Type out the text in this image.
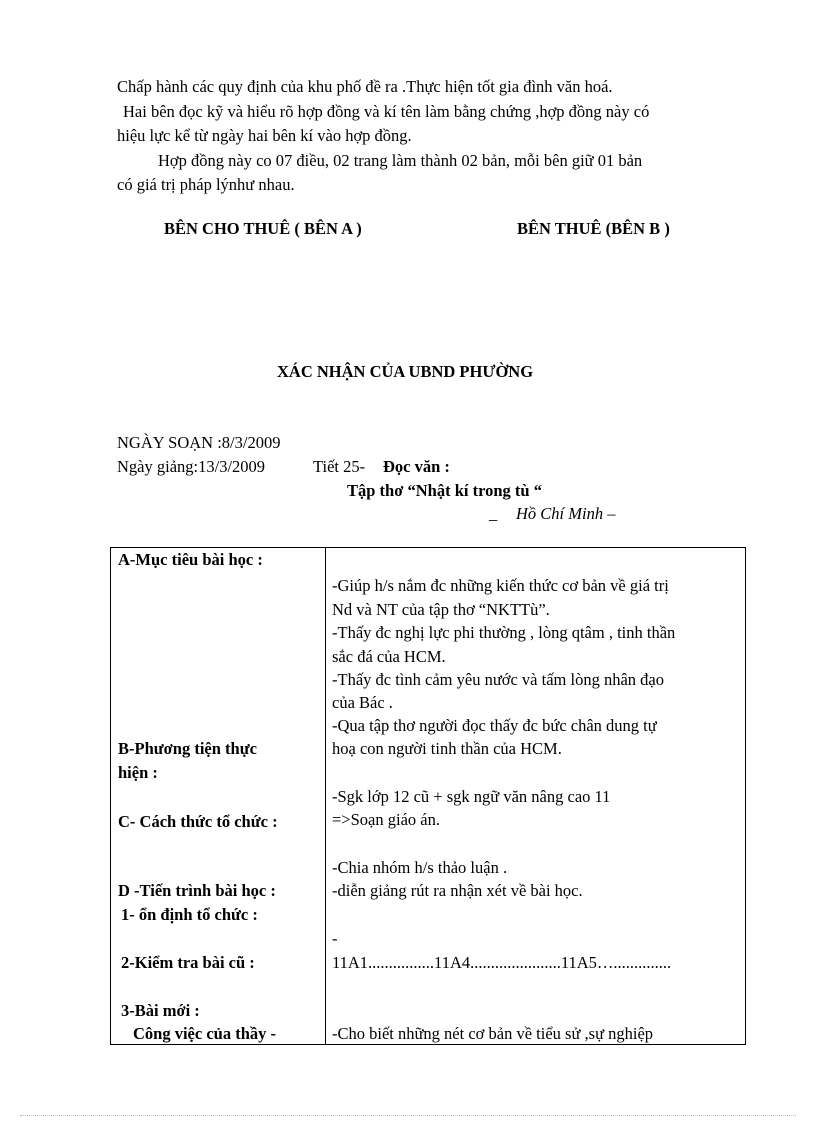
Chấp hành các quy định của khu phố đề ra .Thực hiện tốt gia đình văn hoá.
Hai bên đọc kỹ và hiểu rõ hợp đồng và kí tên làm bằng chứng ,hợp đồng này có
hiệu lực kể từ ngày hai bên kí vào hợp đồng.
Hợp đồng này co 07 điều, 02 trang làm thành 02 bản, mỗi bên giữ 01 bản
có giá trị pháp lýnhư nhau.
BÊN CHO THUÊ ( BÊN A )	BÊN THUÊ (BÊN B )
XÁC NHẬN CỦA UBND PHƯỜNG
NGÀY SOẠN :8/3/2009
Ngày giảng:13/3/2009	Tiết 25- Đọc văn :
Tập thơ “Nhật kí trong tù “
_ Hồ Chí Minh –
A-Mục tiêu bài học :
B-Phương tiện thực
hiện :
C- Cách thức tổ chức :
D -Tiến trình bài học :
1- ổn định tổ chức :
2-Kiểm tra bài cũ :
3-Bài mới :
Công việc của thầy -
-Giúp h/s nắm đc những kiến thức cơ bản về giá trị
Nd và NT của tập thơ “NKTTù”.
-Thấy đc nghị lực phi thường , lòng qtâm , tinh thần
sắc đá của HCM.
-Thấy đc tình cảm yêu nước và tấm lòng nhân đạo
của Bác .
-Qua tập thơ người đọc thấy đc bức chân dung tự
hoạ con người tinh thần của HCM.
-Sgk lớp 12 cũ + sgk ngữ văn nâng cao 11
=>Soạn giáo án.
-Chia nhóm h/s thảo luận .
-diễn giảng rút ra nhận xét về bài học.
-
11A1................11A4......................11A5…..............
-Cho biết những nét cơ bản về tiểu sử ,sự nghiệp
